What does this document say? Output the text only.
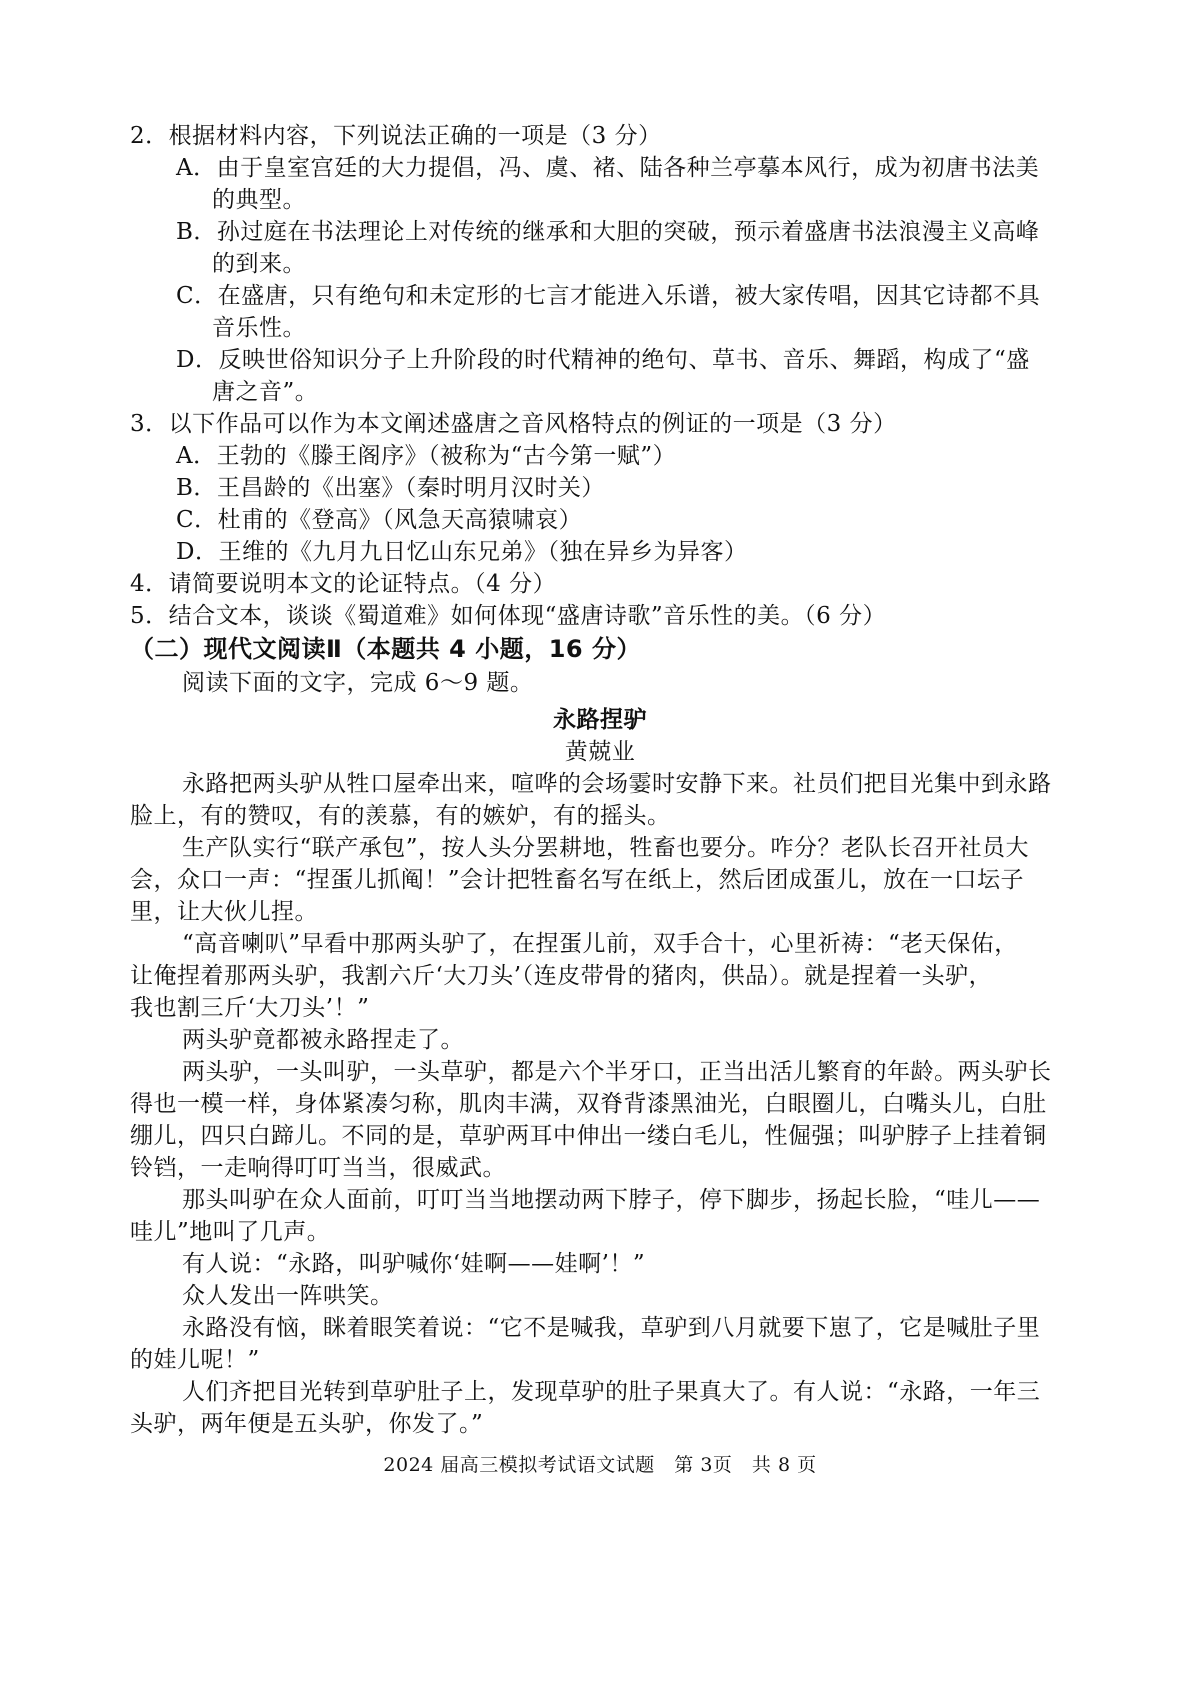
2．根据材料内容，下列说法正确的一项是（3 分）
A．由于皇室宫廷的大力提倡，冯、虞、褚、陆各种兰亭摹本风行，成为初唐书法美
的典型。
B．孙过庭在书法理论上对传统的继承和大胆的突破，预示着盛唐书法浪漫主义高峰
的到来。
C．在盛唐，只有绝句和未定形的七言才能进入乐谱，被大家传唱，因其它诗都不具
音乐性。
D．反映世俗知识分子上升阶段的时代精神的绝句、草书、音乐、舞蹈，构成了“盛
唐之音”。
3．以下作品可以作为本文阐述盛唐之音风格特点的例证的一项是（3 分）
A．王勃的《滕王阁序》（被称为“古今第一赋”）
B．王昌龄的《出塞》（秦时明月汉时关）
C．杜甫的《登高》（风急天高猿啸哀）
D．王维的《九月九日忆山东兄弟》（独在异乡为异客）
4．请简要说明本文的论证特点。（4 分）
5．结合文本，谈谈《蜀道难》如何体现“盛唐诗歌”音乐性的美。（6 分）
（二）现代文阅读Ⅱ（本题共 4 小题，16 分）
阅读下面的文字，完成 6～9 题。
永路捏驴
黄兢业
永路把两头驴从牲口屋牵出来，喧哗的会场霎时安静下来。社员们把目光集中到永路
脸上，有的赞叹，有的羡慕，有的嫉妒，有的摇头。
生产队实行“联产承包”，按人头分罢耕地，牲畜也要分。咋分？老队长召开社员大
会，众口一声：“捏蛋儿抓阄！”会计把牲畜名写在纸上，然后团成蛋儿，放在一口坛子
里，让大伙儿捏。
“高音喇叭”早看中那两头驴了，在捏蛋儿前，双手合十，心里祈祷：“老天保佑，
让俺捏着那两头驴，我割六斤‘大刀头’（连皮带骨的猪肉，供品）。就是捏着一头驴，
我也割三斤‘大刀头’！”
两头驴竟都被永路捏走了。
两头驴，一头叫驴，一头草驴，都是六个半牙口，正当出活儿繁育的年龄。两头驴长
得也一模一样，身体紧凑匀称，肌肉丰满，双脊背漆黑油光，白眼圈儿，白嘴头儿，白肚
绷儿，四只白蹄儿。不同的是，草驴两耳中伸出一缕白毛儿，性倔强；叫驴脖子上挂着铜
铃铛，一走响得叮叮当当，很威武。
那头叫驴在众人面前，叮叮当当地摆动两下脖子，停下脚步，扬起长脸，“哇儿——
哇儿”地叫了几声。
有人说：“永路，叫驴喊你‘娃啊——娃啊’！”
众人发出一阵哄笑。
永路没有恼，眯着眼笑着说：“它不是喊我，草驴到八月就要下崽了，它是喊肚子里
的娃儿呢！”
人们齐把目光转到草驴肚子上，发现草驴的肚子果真大了。有人说：“永路，一年三
头驴，两年便是五头驴，你发了。”
2024 届高三模拟考试语文试题　第 3页　共 8 页
